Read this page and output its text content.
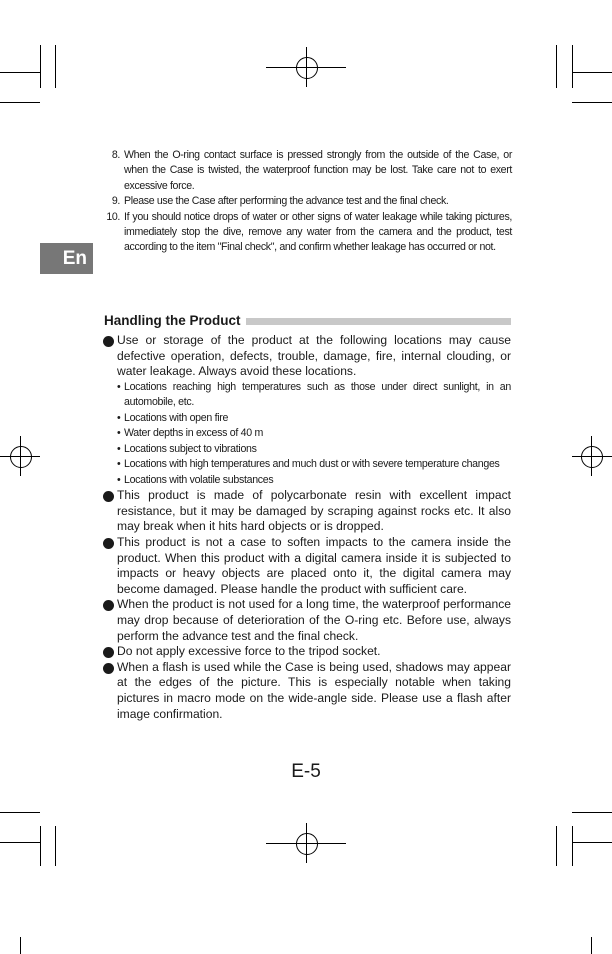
8. When the O-ring contact surface is pressed strongly from the outside of the Case, or when the Case is twisted, the waterproof function may be lost. Take care not to exert excessive force.
9. Please use the Case after performing the advance test and the final check.
10. If you should notice drops of water or other signs of water leakage while taking pictures, immediately stop the dive, remove any water from the camera and the product, test according to the item "Final check", and confirm whether leakage has occurred or not.
En
Handling the Product
Use or storage of the product at the following locations may cause defective operation, defects, trouble, damage, fire, internal clouding, or water leakage. Always avoid these locations.
• Locations reaching high temperatures such as those under direct sunlight, in an automobile, etc.
• Locations with open fire
• Water depths in excess of 40 m
• Locations subject to vibrations
• Locations with high temperatures and much dust or with severe temperature changes
• Locations with volatile substances
This product is made of polycarbonate resin with excellent impact resistance, but it may be damaged by scraping against rocks etc. It also may break when it hits hard objects or is dropped.
This product is not a case to soften impacts to the camera inside the product. When this product with a digital camera inside it is subjected to impacts or heavy objects are placed onto it, the digital camera may become damaged. Please handle the product with sufficient care.
When the product is not used for a long time, the waterproof performance may drop because of deterioration of the O-ring etc. Before use, always perform the advance test and the final check.
Do not apply excessive force to the tripod socket.
When a flash is used while the Case is being used, shadows may appear at the edges of the picture. This is especially notable when taking pictures in macro mode on the wide-angle side. Please use a flash after image confirmation.
E-5
